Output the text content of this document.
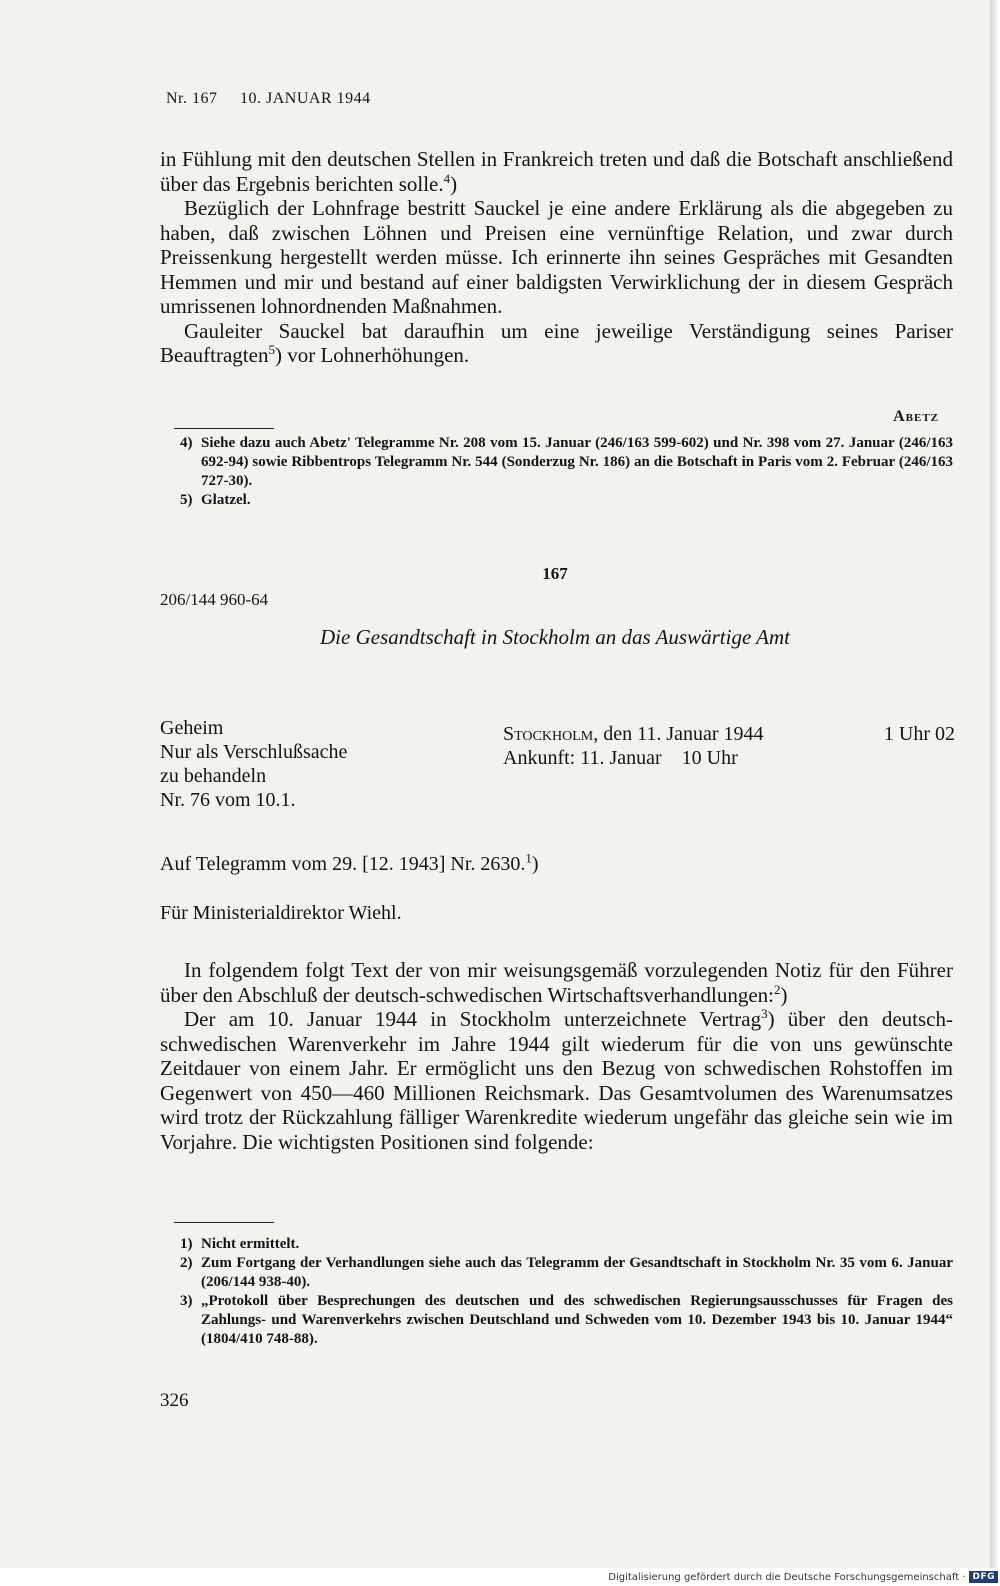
Nr. 167 10. JANUAR 1944

in Fühlung mit den deutschen Stellen in Frankreich treten und daß die Botschaft anschließend über das Ergebnis berichten solle.$^4$)

Bezüglich der Lohnfrage bestritt Sauckel je eine andere Erklärung als die abgegeben zu haben, daß zwischen Löhnen und Preisen eine vernünftige Relation, und zwar durch Preissenkung hergestellt werden müsse. Ich erinnerte ihn seines Gespräches mit Gesandten Hemmen und mir und bestand auf einer baldigsten Verwirklichung der in diesem Gespräch umrissenen lohnordnenden Maßnahmen.

Gauleiter Sauckel bat daraufhin um eine jeweilige Verständigung seines Pariser Beauftragten$^5$) vor Lohnerhöhungen.

Abetz
4) Siehe dazu auch Abetz' Telegramme Nr. 208 vom 15. Januar (246/163 599-602) und Nr. 398 vom 27. Januar (246/163 692-94) sowie Ribbentrops Telegramm Nr. 544 (Sonderzug Nr. 186) an die Botschaft in Paris vom 2. Februar (246/163 727-30).
5) Glatzel.
167
206/144 960-64
Die Gesandtschaft in Stockholm an das Auswärtige Amt
Geheim
Nur als Verschlußsache
zu behandeln
Nr. 76 vom 10.1.
Stockholm, den 11. Januar 1944	1 Uhr 02
Ankunft: 11. Januar    10 Uhr
Auf Telegramm vom 29. [12. 1943] Nr. 2630.$^1$)
Für Ministerialdirektor Wiehl.

In folgendem folgt Text der von mir weisungsgemäß vorzulegenden Notiz für den Führer über den Abschluß der deutsch-schwedischen Wirtschaftsverhandlungen:$^2$)

Der am 10. Januar 1944 in Stockholm unterzeichnete Vertrag$^3$) über den deutsch-schwedischen Warenverkehr im Jahre 1944 gilt wiederum für die von uns gewünschte Zeitdauer von einem Jahr. Er ermöglicht uns den Bezug von schwedischen Rohstoffen im Gegenwert von 450—460 Millionen Reichsmark. Das Gesamtvolumen des Warenumsatzes wird trotz der Rückzahlung fälliger Warenkredite wiederum ungefähr das gleiche sein wie im Vorjahre. Die wichtigsten Positionen sind folgende:

1) Nicht ermittelt.
2) Zum Fortgang der Verhandlungen siehe auch das Telegramm der Gesandtschaft in Stockholm Nr. 35 vom 6. Januar (206/144 938-40).
3) „Protokoll über Besprechungen des deutschen und des schwedischen Regierungsausschusses für Fragen des Zahlungs- und Warenverkehrs zwischen Deutschland und Schweden vom 10. Dezember 1943 bis 10. Januar 1944“ (1804/410 748-88).
326
Digitalisierung gefördert durch die Deutsche Forschungsgemeinschaft · DFG
